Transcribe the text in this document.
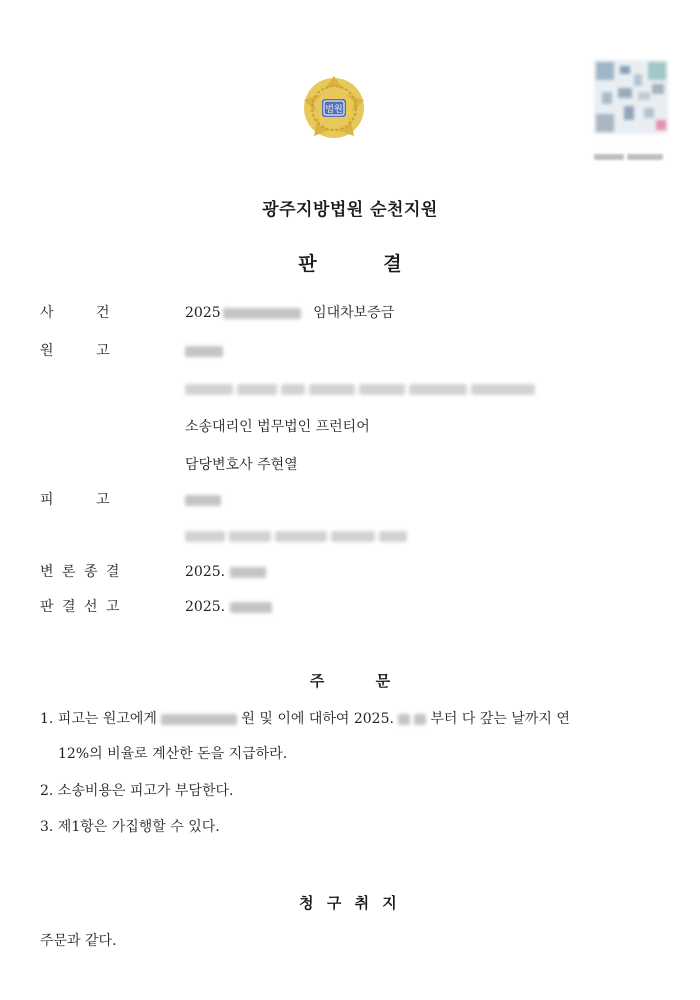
법원
광주지방법원 순천지원
판 결
사 건	2025	임대차보증금
원 고
소송대리인 법무법인 프런티어
담당변호사 주현열
피 고
변 론 종 결	2025.
판 결 선 고	2025.
주 문
1. 피고는 원고에게	원 및 이에 대하여 2025.	부터 다 갚는 날까지 연
12%의 비율로 계산한 돈을 지급하라.
2. 소송비용은 피고가 부담한다.
3. 제1항은 가집행할 수 있다.
청 구 취 지
주문과 같다.
